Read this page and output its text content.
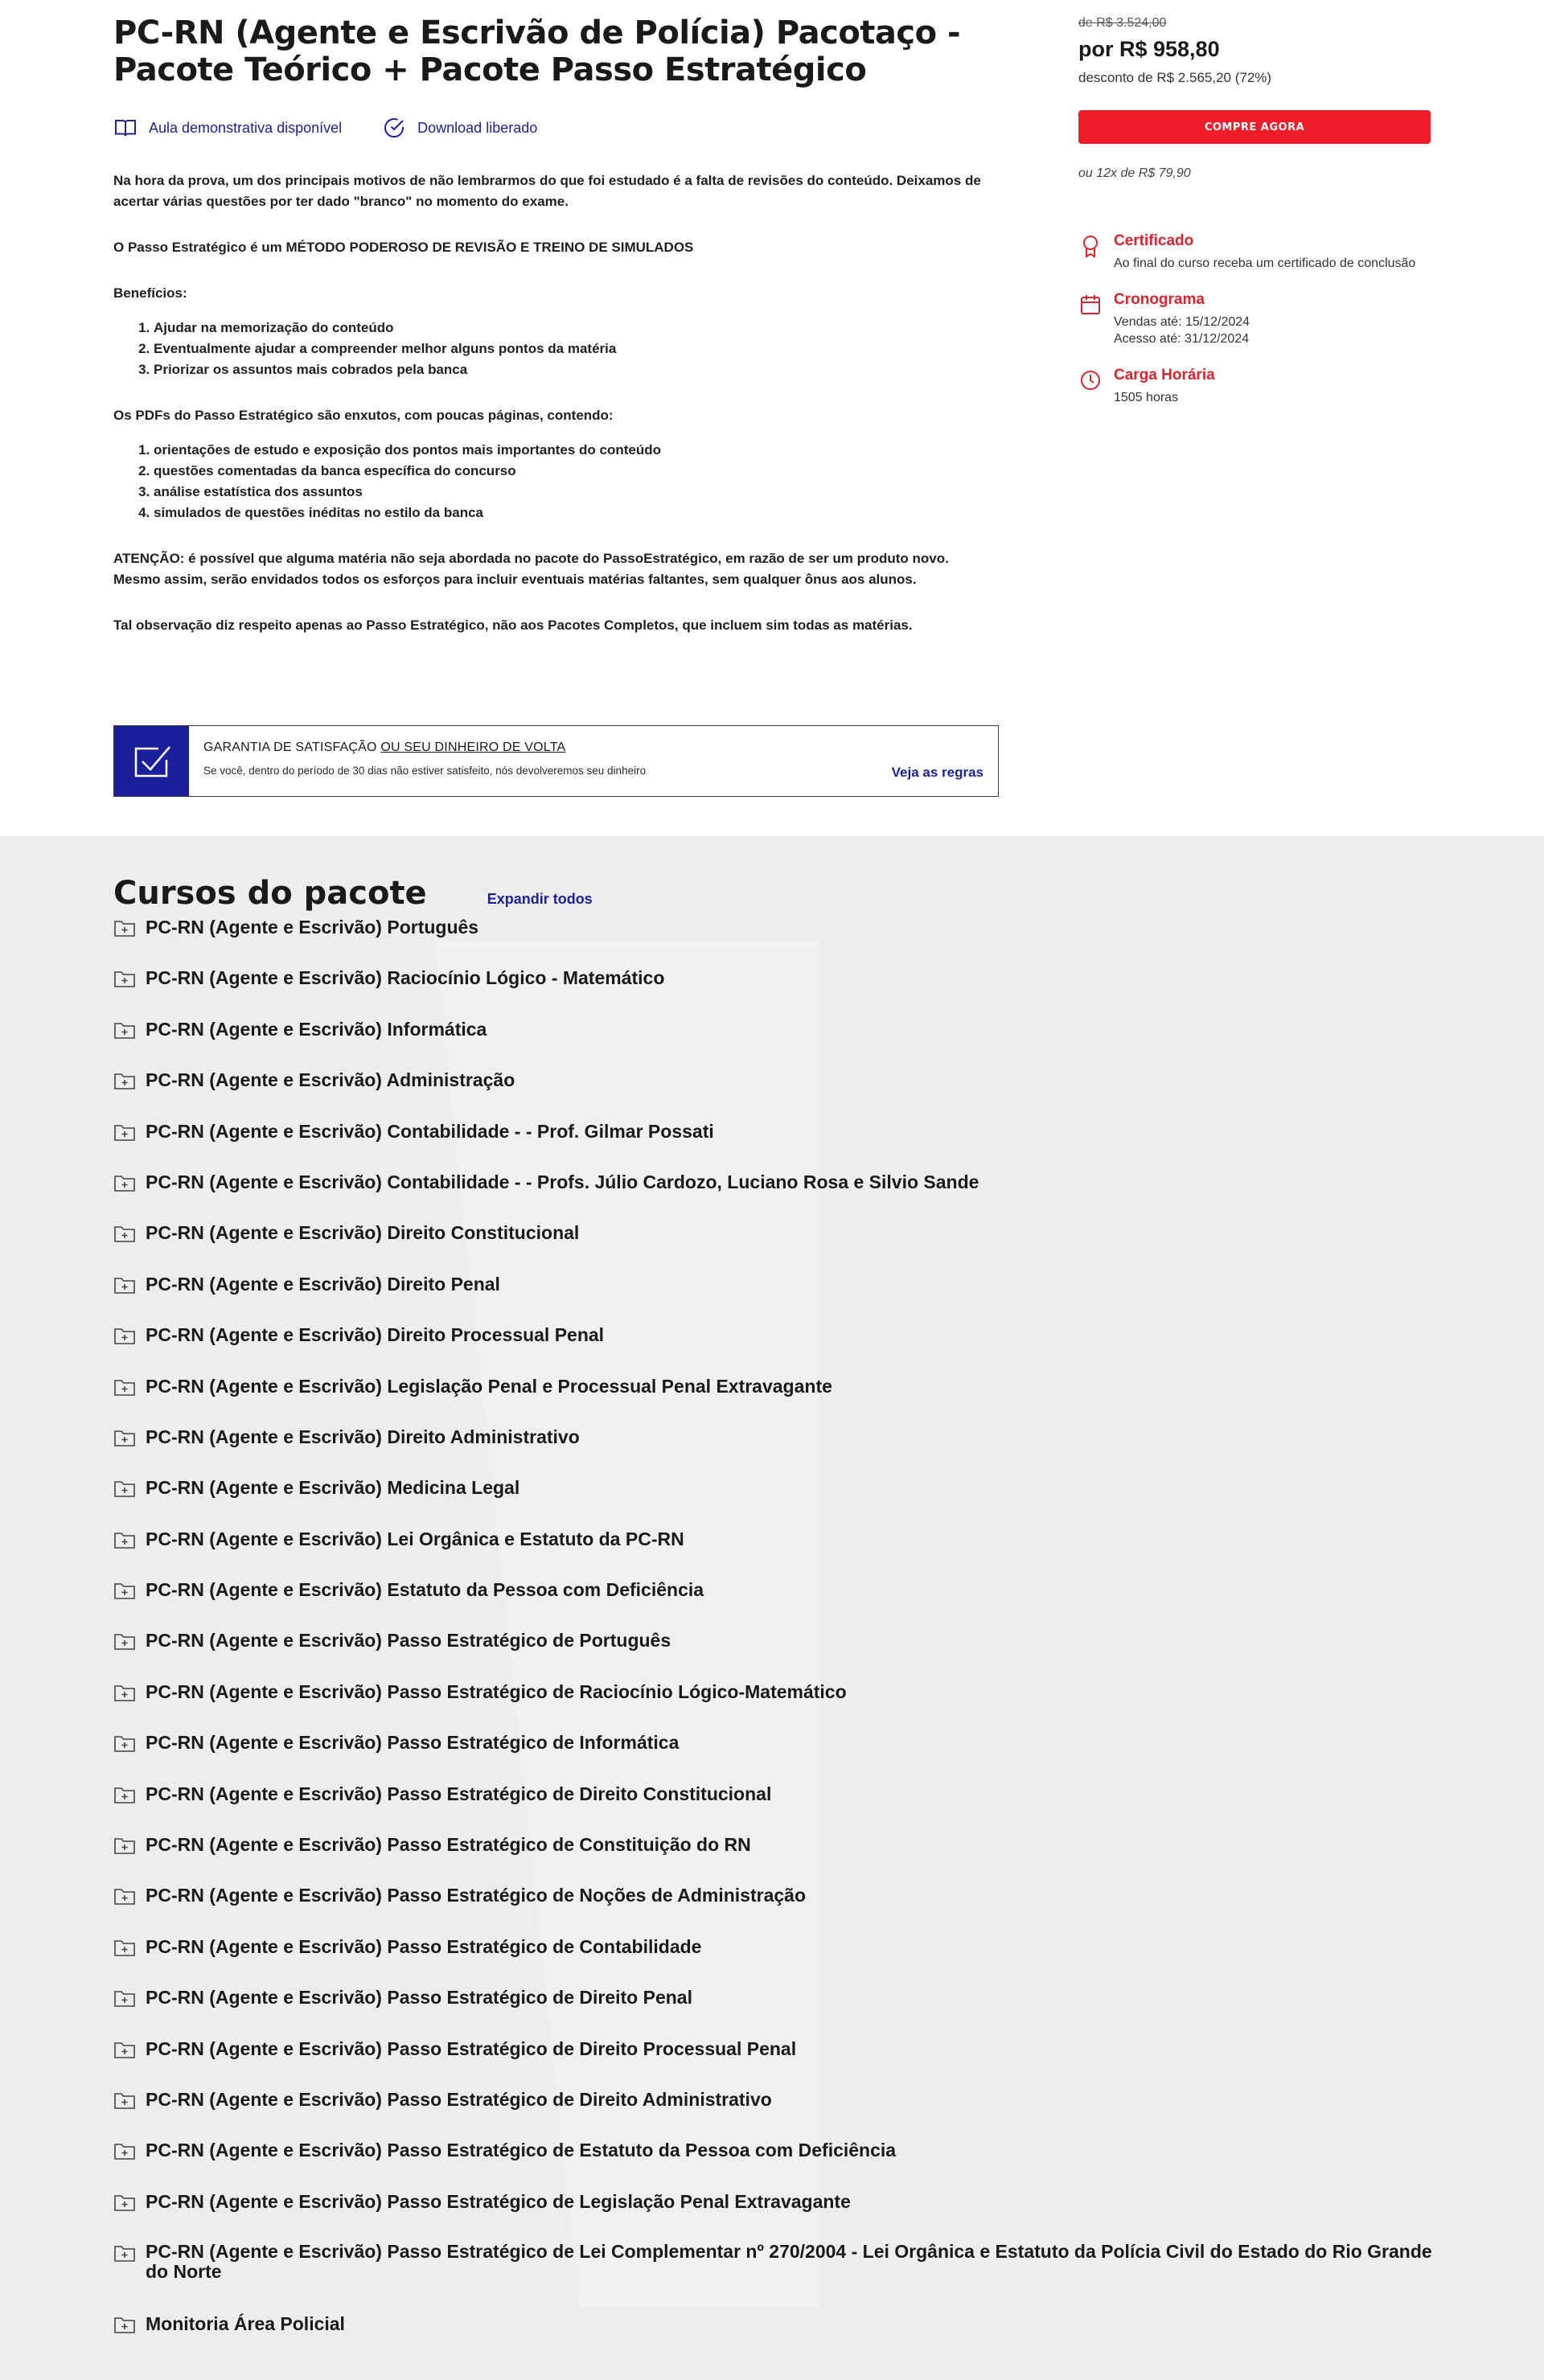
PC-RN (Agente e Escrivão de Polícia) Pacotaço - Pacote Teórico + Pacote Passo Estratégico
Aula demonstrativa disponível	Download liberado

Na hora da prova, um dos principais motivos de não lembrarmos do que foi estudado é a falta de revisões do conteúdo. Deixamos de acertar várias questões por ter dado "branco" no momento do exame.

O Passo Estratégico é um MÉTODO PODEROSO DE REVISÃO E TREINO DE SIMULADOS

Benefícios:

1. Ajudar na memorização do conteúdo
2. Eventualmente ajudar a compreender melhor alguns pontos da matéria
3. Priorizar os assuntos mais cobrados pela banca

Os PDFs do Passo Estratégico são enxutos, com poucas páginas, contendo:

1. orientações de estudo e exposição dos pontos mais importantes do conteúdo
2. questões comentadas da banca específica do concurso
3. análise estatística dos assuntos
4. simulados de questões inéditas no estilo da banca

ATENÇÃO: é possível que alguma matéria não seja abordada no pacote do PassoEstratégico, em razão de ser um produto novo. Mesmo assim, serão envidados todos os esforços para incluir eventuais matérias faltantes, sem qualquer ônus aos alunos.

Tal observação diz respeito apenas ao Passo Estratégico, não aos Pacotes Completos, que incluem sim todas as matérias.

GARANTIA DE SATISFAÇÃO OU SEU DINHEIRO DE VOLTA
Se você, dentro do período de 30 dias não estiver satisfeito, nós devolveremos seu dinheiro	Veja as regras
de R$ 3.524,00
por R$ 958,80
desconto de R$ 2.565,20 (72%)
COMPRE AGORA
ou 12x de R$ 79,90
Certificado
Ao final do curso receba um certificado de conclusão
Cronograma
Vendas até: 15/12/2024
Acesso até: 31/12/2024
Carga Horária
1505 horas
Cursos do pacote	Expandir todos
PC-RN (Agente e Escrivão) Português
PC-RN (Agente e Escrivão) Raciocínio Lógico - Matemático
PC-RN (Agente e Escrivão) Informática
PC-RN (Agente e Escrivão) Administração
PC-RN (Agente e Escrivão) Contabilidade - - Prof. Gilmar Possati
PC-RN (Agente e Escrivão) Contabilidade - - Profs. Júlio Cardozo, Luciano Rosa e Silvio Sande
PC-RN (Agente e Escrivão) Direito Constitucional
PC-RN (Agente e Escrivão) Direito Penal
PC-RN (Agente e Escrivão) Direito Processual Penal
PC-RN (Agente e Escrivão) Legislação Penal e Processual Penal Extravagante
PC-RN (Agente e Escrivão) Direito Administrativo
PC-RN (Agente e Escrivão) Medicina Legal
PC-RN (Agente e Escrivão) Lei Orgânica e Estatuto da PC-RN
PC-RN (Agente e Escrivão) Estatuto da Pessoa com Deficiência
PC-RN (Agente e Escrivão) Passo Estratégico de Português
PC-RN (Agente e Escrivão) Passo Estratégico de Raciocínio Lógico-Matemático
PC-RN (Agente e Escrivão) Passo Estratégico de Informática
PC-RN (Agente e Escrivão) Passo Estratégico de Direito Constitucional
PC-RN (Agente e Escrivão) Passo Estratégico de Constituição do RN
PC-RN (Agente e Escrivão) Passo Estratégico de Noções de Administração
PC-RN (Agente e Escrivão) Passo Estratégico de Contabilidade
PC-RN (Agente e Escrivão) Passo Estratégico de Direito Penal
PC-RN (Agente e Escrivão) Passo Estratégico de Direito Processual Penal
PC-RN (Agente e Escrivão) Passo Estratégico de Direito Administrativo
PC-RN (Agente e Escrivão) Passo Estratégico de Estatuto da Pessoa com Deficiência
PC-RN (Agente e Escrivão) Passo Estratégico de Legislação Penal Extravagante
PC-RN (Agente e Escrivão) Passo Estratégico de Lei Complementar nº 270/2004 - Lei Orgânica e Estatuto da Polícia Civil do Estado do Rio Grande do Norte
Monitoria Área Policial
